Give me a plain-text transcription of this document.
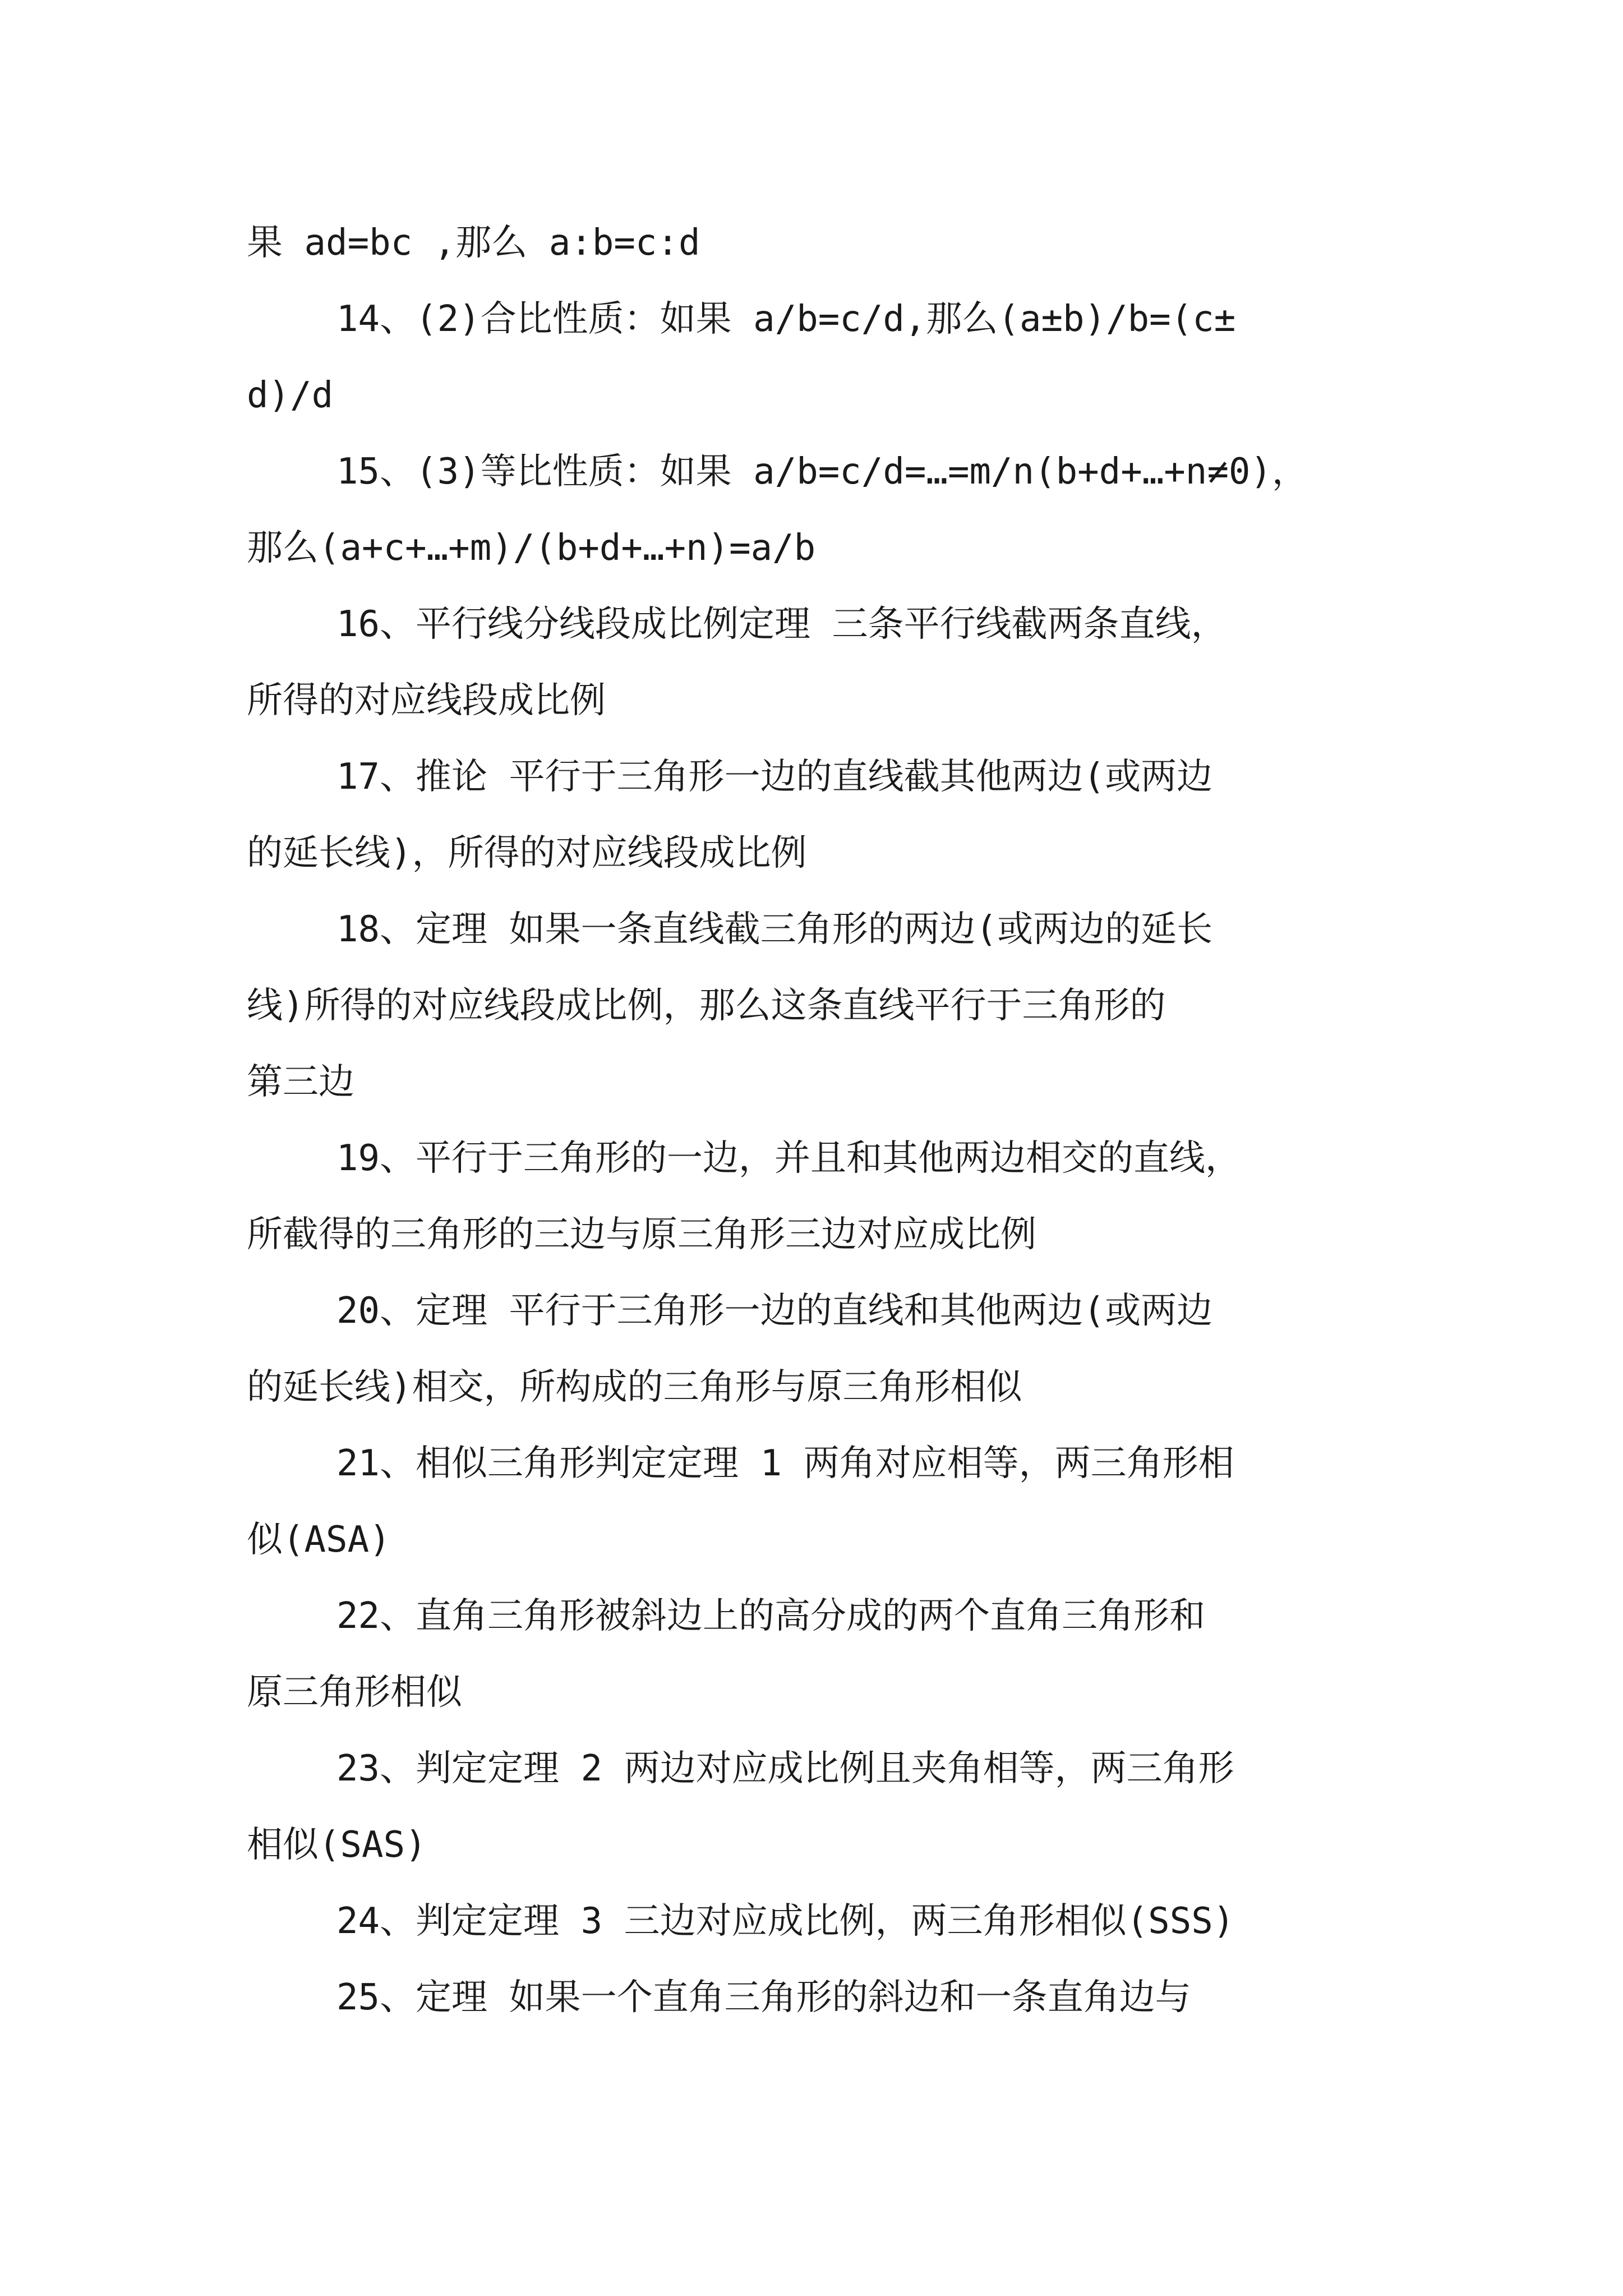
果 ad=bc ,那么 a:b=c:d

14、(2)合比性质：如果 a/b=c/d,那么(a±b)/b=(c±

d)/d

15、(3)等比性质：如果 a/b=c/d=…=m/n(b+d+…+n≠0)，

那么(a+c+…+m)/(b+d+…+n)=a/b

16、平行线分线段成比例定理 三条平行线截两条直线，

所得的对应线段成比例

17、推论 平行于三角形一边的直线截其他两边(或两边

的延长线)，所得的对应线段成比例

18、定理 如果一条直线截三角形的两边(或两边的延长

线)所得的对应线段成比例，那么这条直线平行于三角形的

第三边

19、平行于三角形的一边，并且和其他两边相交的直线，

所截得的三角形的三边与原三角形三边对应成比例

20、定理 平行于三角形一边的直线和其他两边(或两边

的延长线)相交，所构成的三角形与原三角形相似

21、相似三角形判定定理 1 两角对应相等，两三角形相

似(ASA)

22、直角三角形被斜边上的高分成的两个直角三角形和

原三角形相似

23、判定定理 2 两边对应成比例且夹角相等，两三角形

相似(SAS)

24、判定定理 3 三边对应成比例，两三角形相似(SSS)

25、定理 如果一个直角三角形的斜边和一条直角边与
